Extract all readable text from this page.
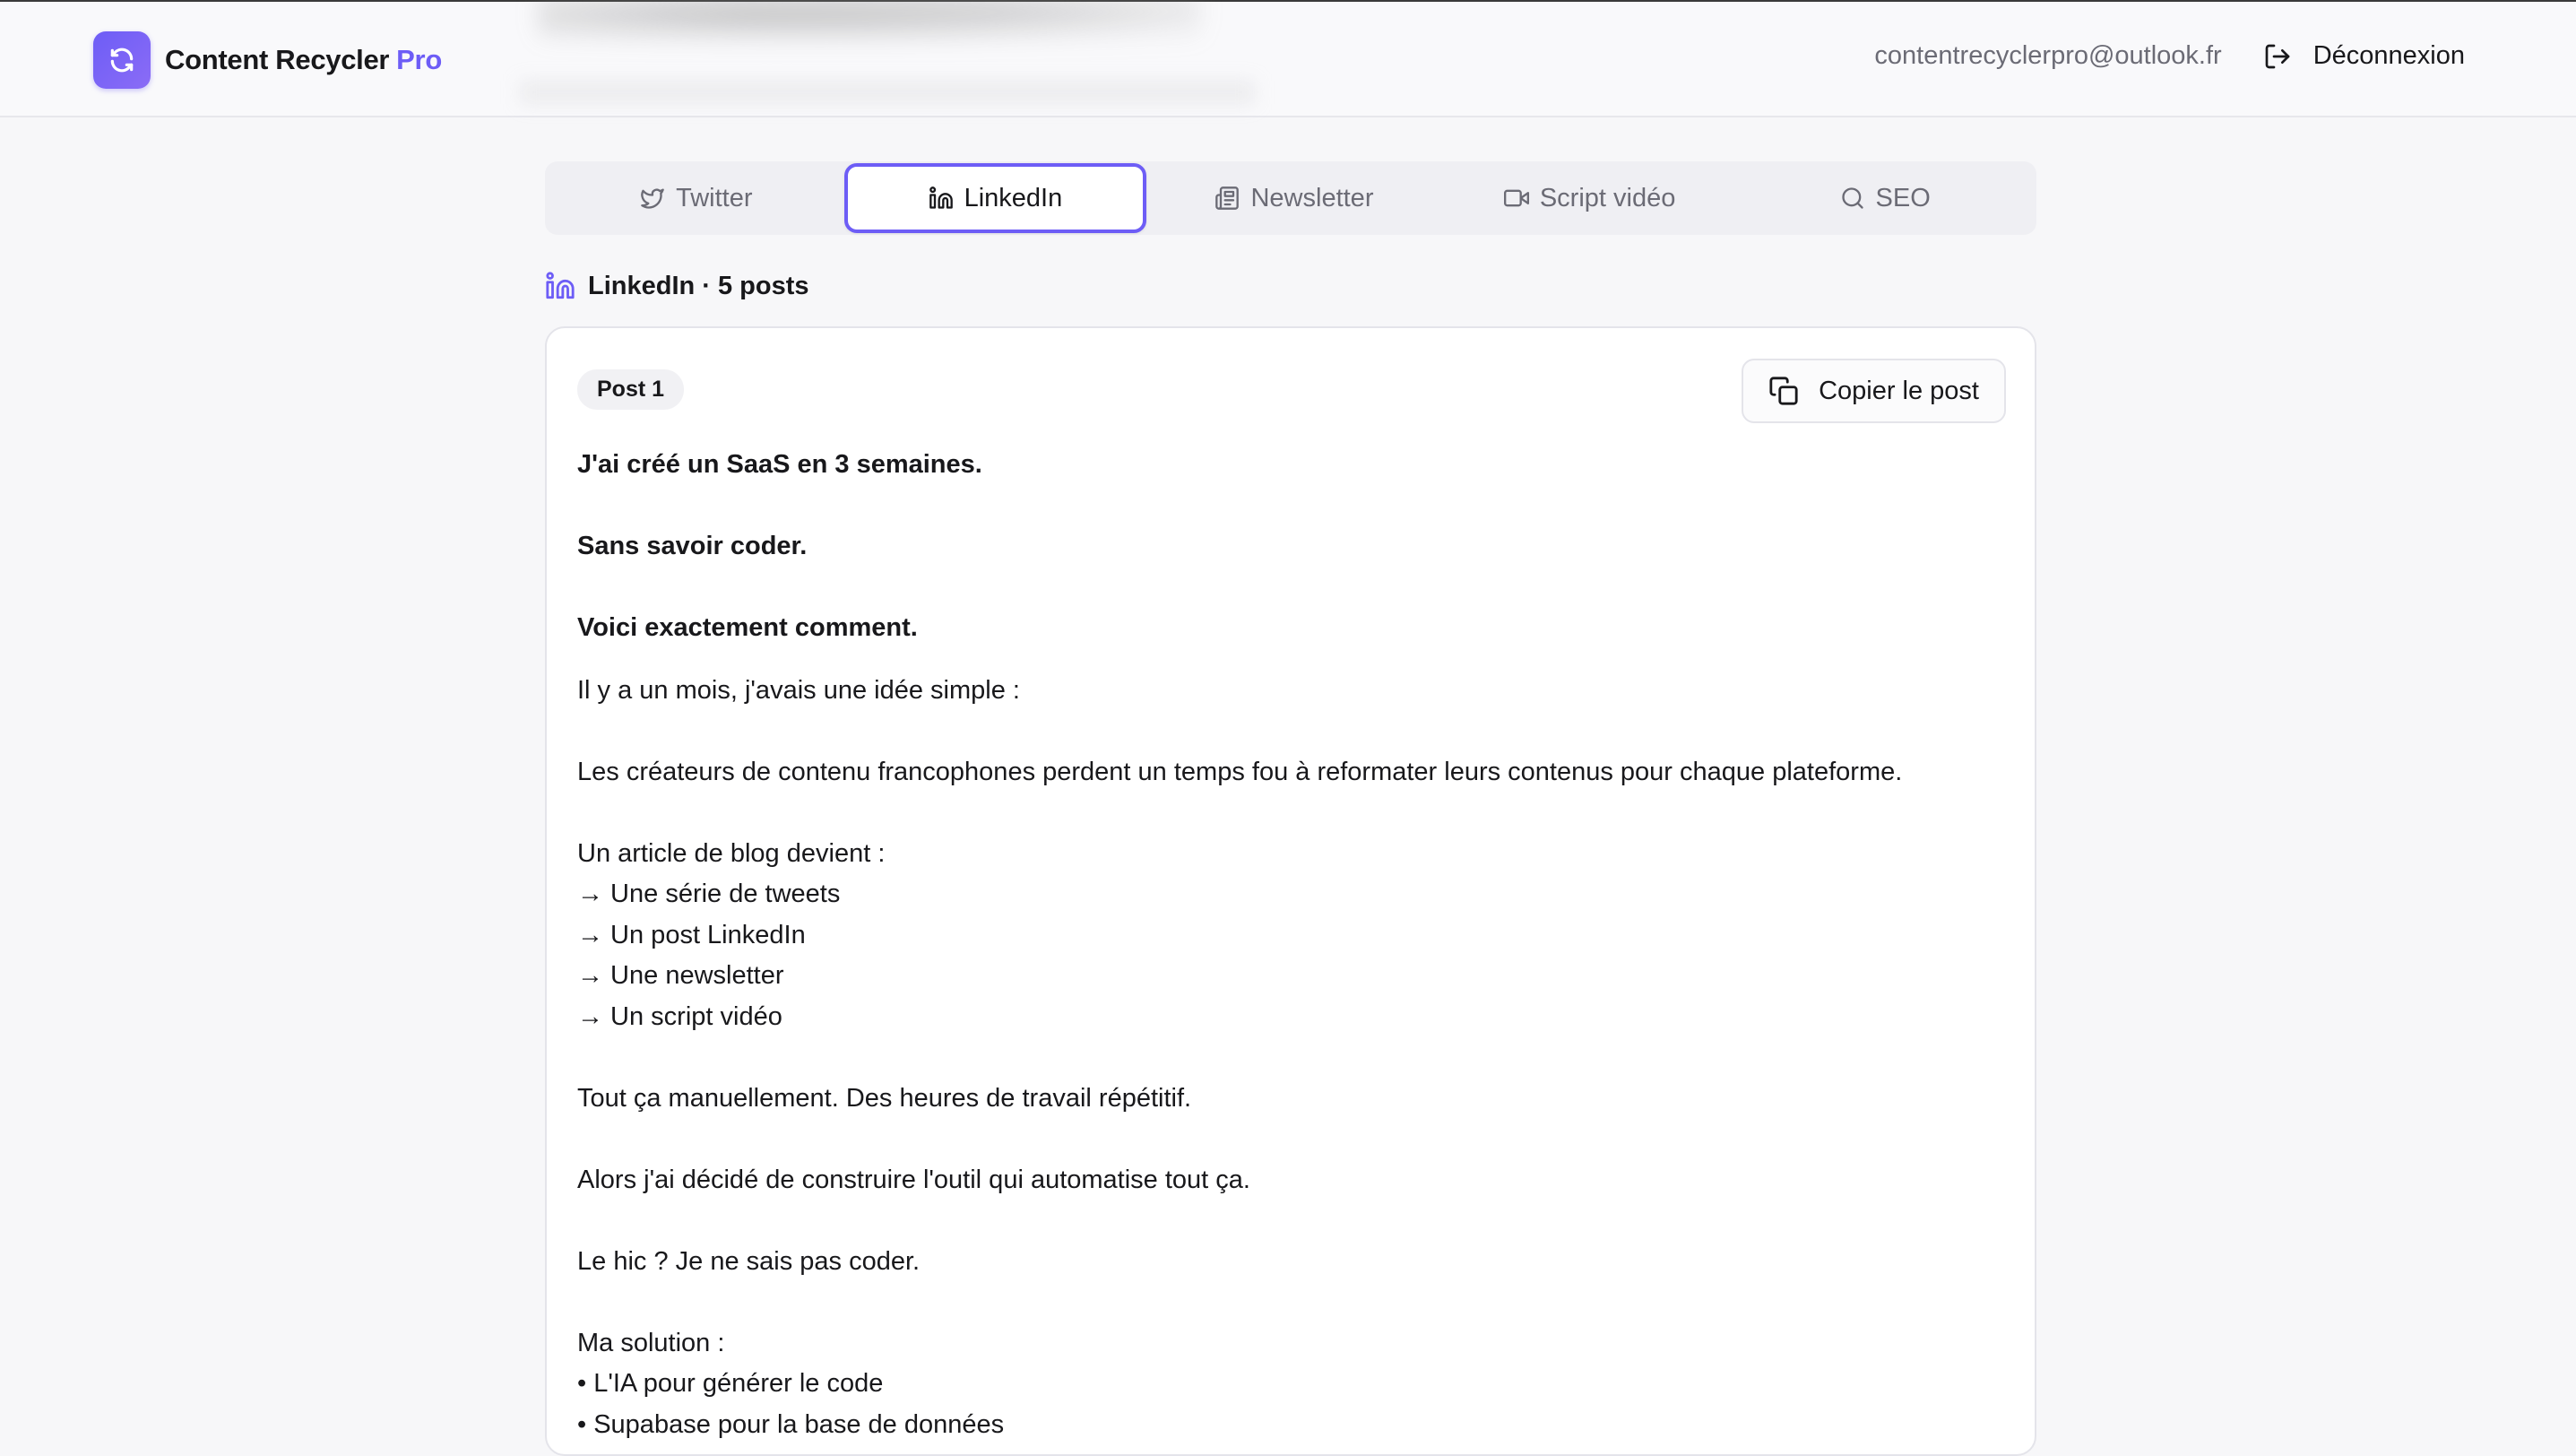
Content Recycler Pro	contentrecyclerpro@outlook.fr	Déconnexion
Twitter	LinkedIn	Newsletter	Script vidéo	SEO
LinkedIn · 5 posts
Post 1	Copier le post
J'ai créé un SaaS en 3 semaines.
Sans savoir coder.
Voici exactement comment.
Il y a un mois, j'avais une idée simple :
Les créateurs de contenu francophones perdent un temps fou à reformater leurs contenus pour chaque plateforme.
Un article de blog devient :
→ Une série de tweets
→ Un post LinkedIn
→ Une newsletter
→ Un script vidéo
Tout ça manuellement. Des heures de travail répétitif.
Alors j'ai décidé de construire l'outil qui automatise tout ça.
Le hic ? Je ne sais pas coder.
Ma solution :
• L'IA pour générer le code
• Supabase pour la base de données
